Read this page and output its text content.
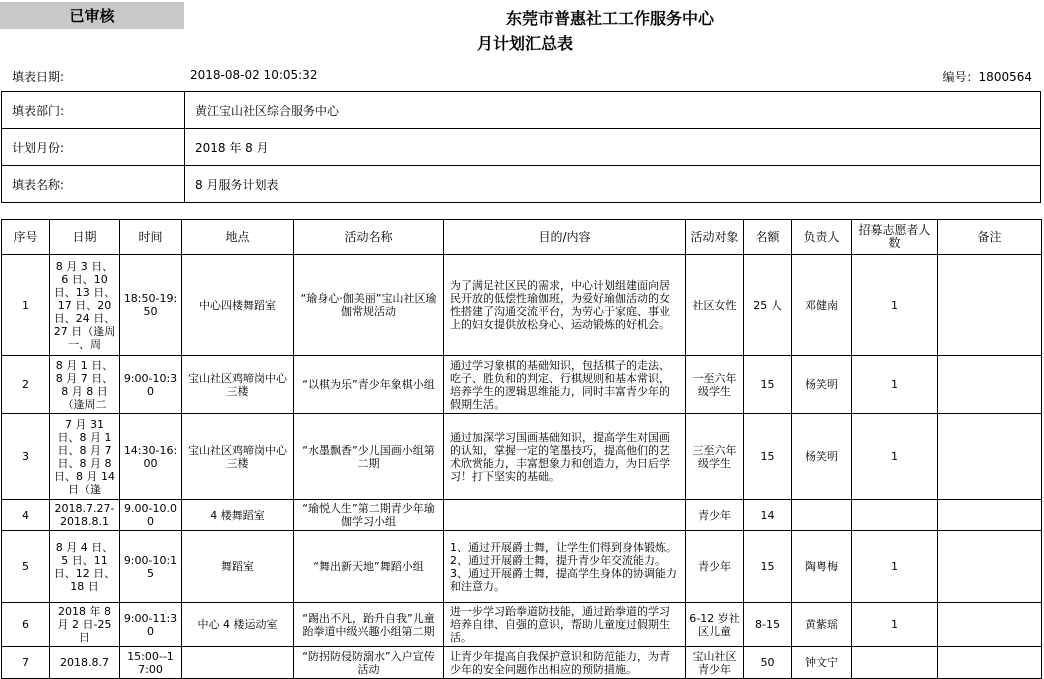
已审核	东莞市普惠社工工作服务中心
月计划汇总表
填表日期:	2018-08-02 10:05:32	编号：1800564
填表部门:	黄江宝山社区综合服务中心
计划月份:	2018 年 8 月
填表名称:	8 月服务计划表
序号	日期	时间	地点	活动名称	目的/内容	活动对象	名额	负责人	招募志愿者人数	备注
1	8 月 3 日、6 日、10 日、13 日、17 日、20 日、24 日、27 日（逢周一、周	18:50-19:50	中心四楼舞蹈室	“瑜身心·伽美丽”宝山社区瑜伽常规活动	为了满足社区民的需求，中心计划组建面向居民开放的低偿性瑜伽班，为爱好瑜伽活动的女性搭建了沟通交流平台，为劳心于家庭、事业上的妇女提供放松身心、运动锻炼的好机会。	社区女性	25 人	邓健南	1	
2	8 月 1 日、8 月 7 日、8 月 8 日（逢周二	9:00-10:30	宝山社区鸡啼岗中心三楼	“以棋为乐”青少年象棋小组	通过学习象棋的基础知识，包括棋子的走法、吃子、胜负和的判定、行棋规则和基本常识，培养学生的逻辑思维能力，同时丰富青少年的假期生活。	一至六年级学生	15	杨笑明	1	
3	7 月 31 日、8 月 1 日、8 月 7 日、8 月 8 日、8 月 14 日（逢	14:30-16:00	宝山社区鸡啼岗中心三楼	“水墨飘香”少儿国画小组第二期	通过加深学习国画基础知识，提高学生对国画的认知，掌握一定的笔墨技巧，提高他们的艺术欣赏能力，丰富想象力和创造力，为日后学习！打下坚实的基础。	三至六年级学生	15	杨笑明	1	
4	2018.7.27-2018.8.1	9.00-10.00	4 楼舞蹈室	“瑜悦人生”第二期青少年瑜伽学习小组		青少年	14			
5	8 月 4 日、5 日、11 日、12 日、18 日	9:00-10:15	舞蹈室	“舞出新天地”舞蹈小组	1、通过开展爵士舞，让学生们得到身体锻炼。2、通过开展爵士舞，提升青少年交流能力。3、通过开展爵士舞，提高学生身体的协调能力和注意力。	青少年	15	陶粤梅	1	
6	2018 年 8 月 2 日-25 日	9:00-11:30	中心 4 楼运动室	“踢出不凡，跆升自我”儿童跆拳道中级兴趣小组第二期	进一步学习跆拳道防技能，通过跆拳道的学习培养自律、自强的意识，帮助儿童度过假期生活。	6-12 岁社区儿童	8-15	黄紫瑶	1	
7	2018.8.7	15:00--17:00		“防拐防侵防溺水”入户宣传活动	让青少年提高自我保护意识和防范能力，为青少年的安全问题作出相应的预防措施。	宝山社区青少年	50	钟文宁		
